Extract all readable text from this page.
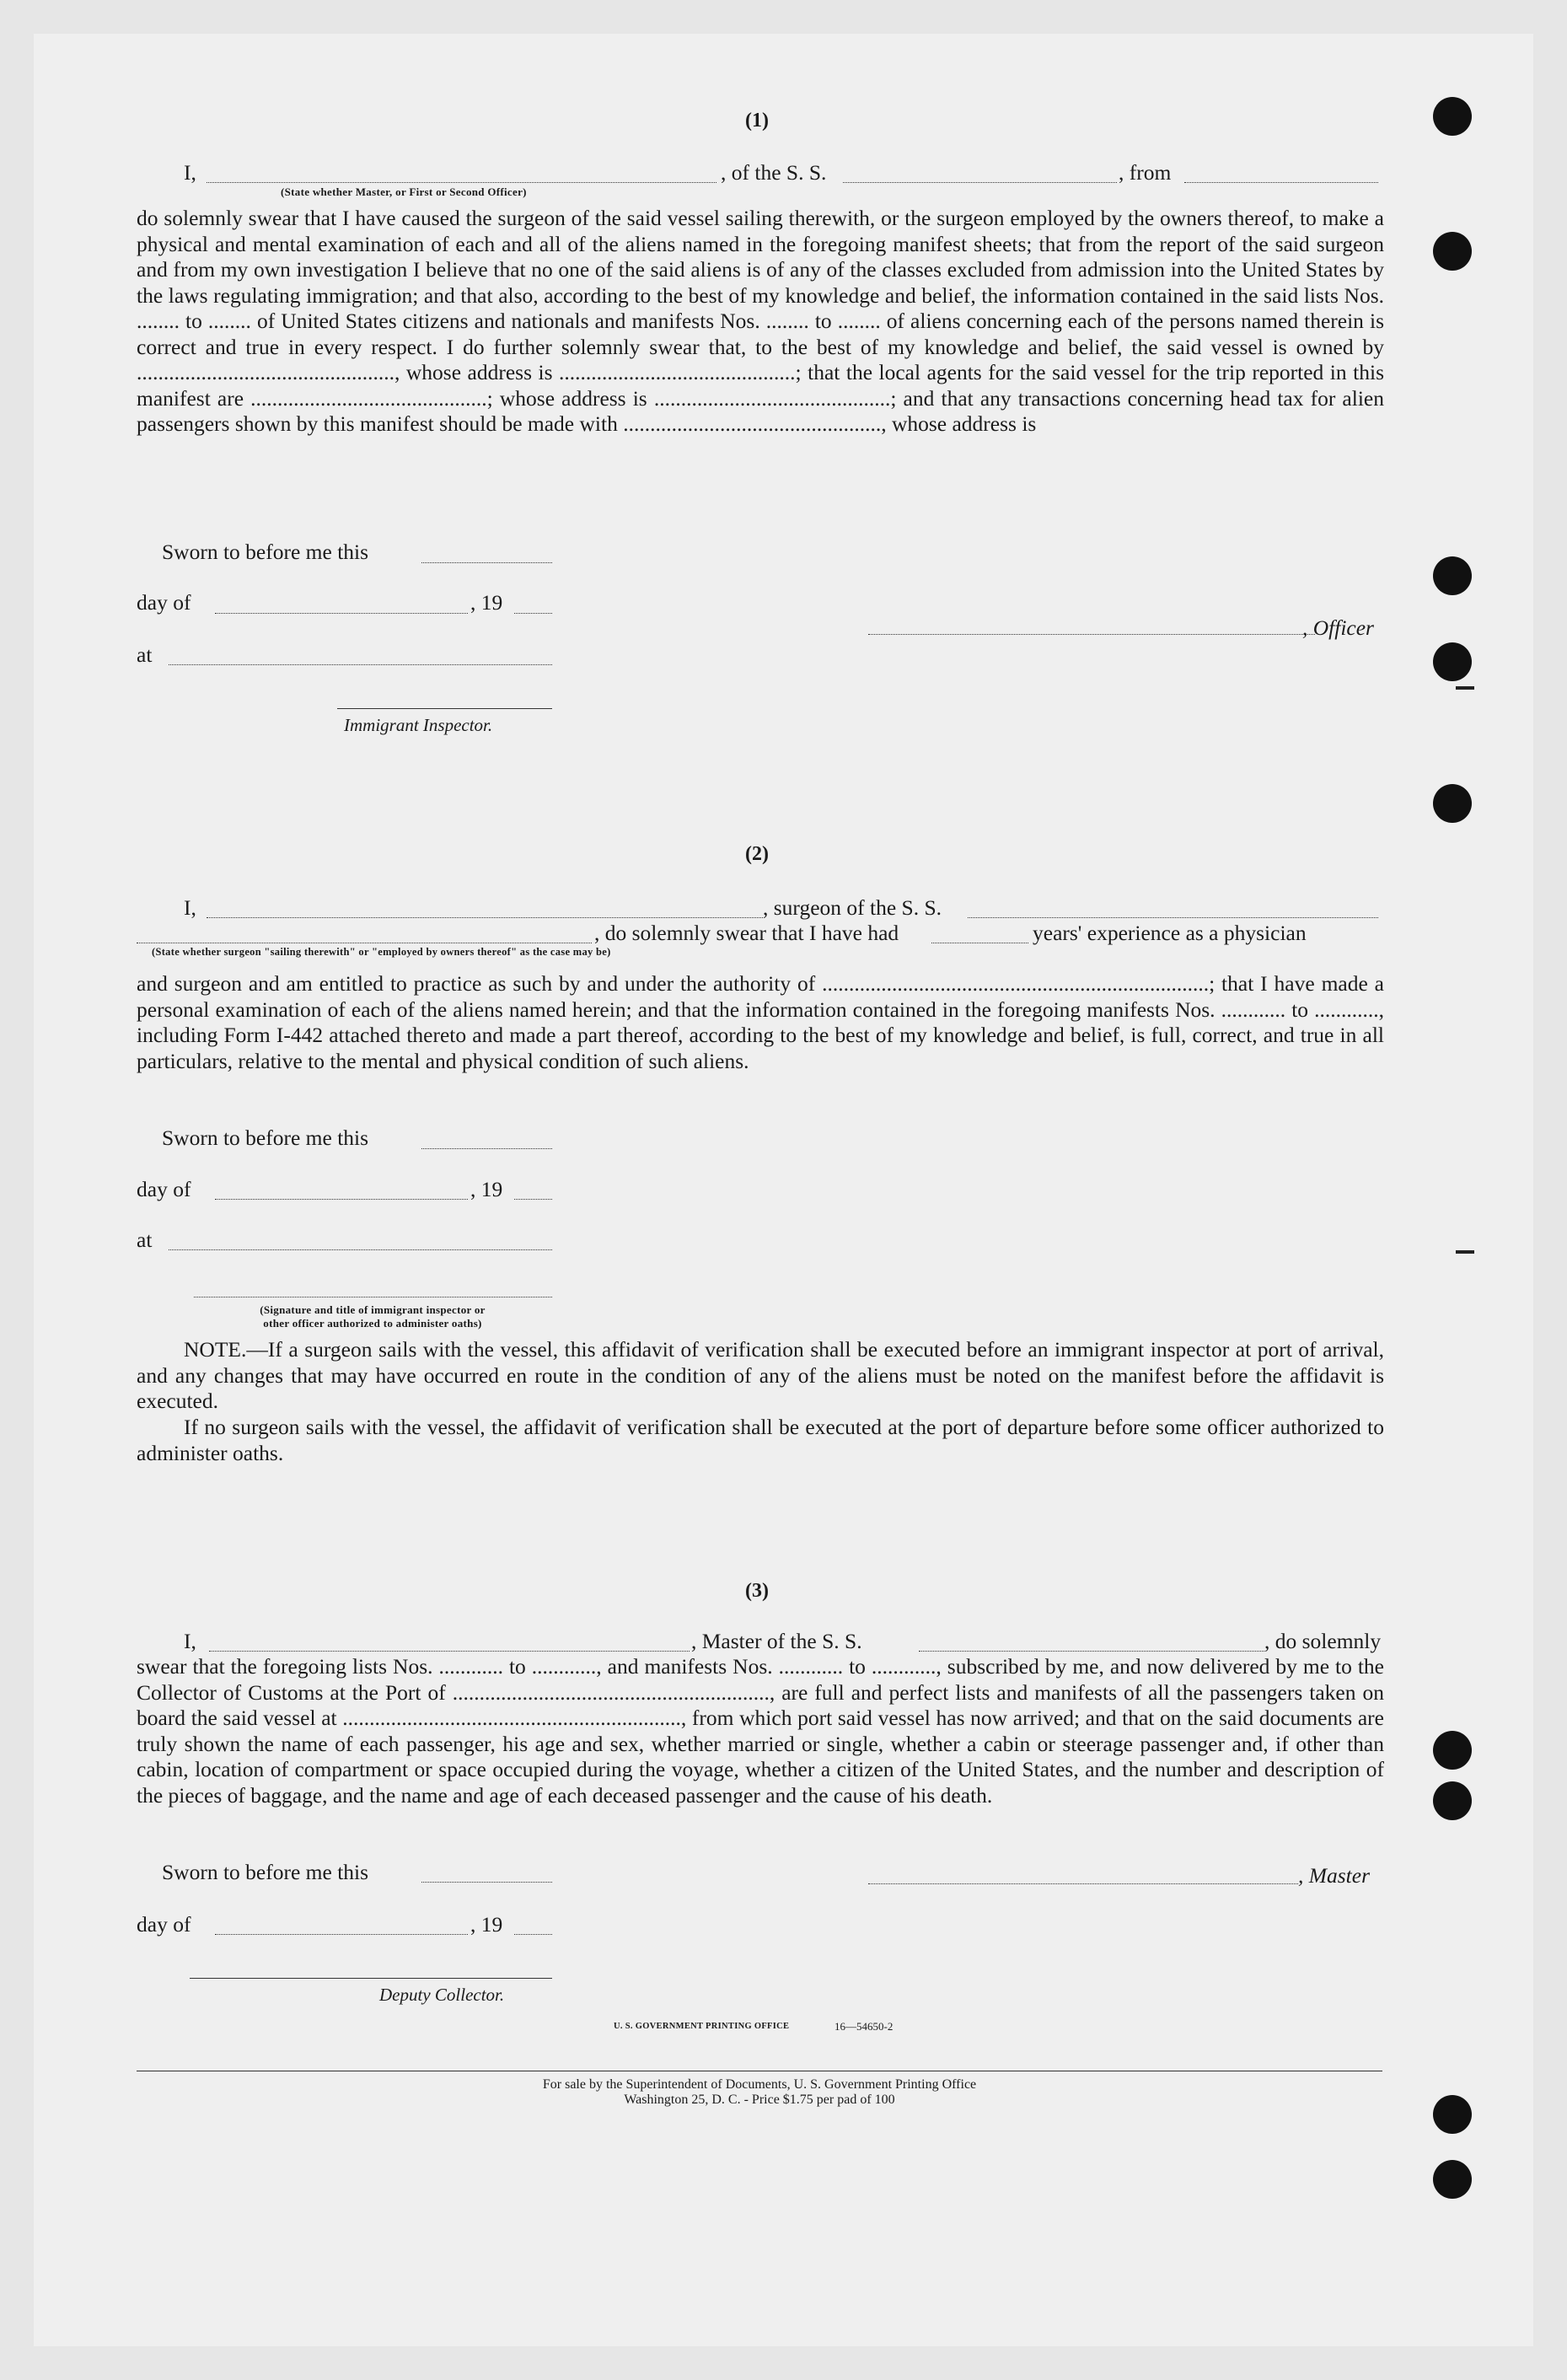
(1)
I,	, of the S. S.	, from
(State whether Master, or First or Second Officer)
do solemnly swear that I have caused the surgeon of the said vessel sailing therewith, or the surgeon employed by the owners thereof, to make a physical and mental examination of each and all of the aliens named in the foregoing manifest sheets; that from the report of the said surgeon and from my own investigation I believe that no one of the said aliens is of any of the classes excluded from admission into the United States by the laws regulating immigration; and that also, according to the best of my knowledge and belief, the information contained in the said lists Nos. ........ to ........ of United States citizens and nationals and manifests Nos. ........ to ........ of aliens concerning each of the persons named therein is correct and true in every respect. I do further solemnly swear that, to the best of my knowledge and belief, the said vessel is owned by ................................................, whose address is ............................................; that the local agents for the said vessel for the trip reported in this manifest are ............................................; whose address is ............................................; and that any transactions concerning head tax for alien passengers shown by this manifest should be made with ................................................, whose address is
Sworn to before me this
day of	, 19
, Officer
at
Immigrant Inspector.
(2)
I,	, surgeon of the S. S.
, do solemnly swear that I have had	years' experience as a physician
(State whether surgeon "sailing therewith" or "employed by owners thereof" as the case may be)
and surgeon and am entitled to practice as such by and under the authority of ........................................................................; that I have made a personal examination of each of the aliens named herein; and that the information contained in the foregoing manifests Nos. ............ to ............, including Form I-442 attached thereto and made a part thereof, according to the best of my knowledge and belief, is full, correct, and true in all particulars, relative to the mental and physical condition of such aliens.
Sworn to before me this
day of	, 19
at
(Signature and title of immigrant inspector or
other officer authorized to administer oaths)
NOTE.—If a surgeon sails with the vessel, this affidavit of verification shall be executed before an immigrant inspector at port of arrival, and any changes that may have occurred en route in the condition of any of the aliens must be noted on the manifest before the affidavit is executed.
If no surgeon sails with the vessel, the affidavit of verification shall be executed at the port of departure before some officer authorized to administer oaths.
(3)
I,	, Master of the S. S.	, do solemnly
swear that the foregoing lists Nos. ............ to ............, and manifests Nos. ............ to ............, subscribed by me, and now delivered by me to the Collector of Customs at the Port of ..........................................................., are full and perfect lists and manifests of all the passengers taken on board the said vessel at ..............................................................., from which port said vessel has now arrived; and that on the said documents are truly shown the name of each passenger, his age and sex, whether married or single, whether a cabin or steerage passenger and, if other than cabin, location of compartment or space occupied during the voyage, whether a citizen of the United States, and the number and description of the pieces of baggage, and the name and age of each deceased passenger and the cause of his death.
Sworn to before me this	, Master
day of	, 19
Deputy Collector.
U. S. GOVERNMENT PRINTING OFFICE	16—54650-2
For sale by the Superintendent of Documents, U. S. Government Printing Office
Washington 25, D. C. - Price $1.75 per pad of 100
